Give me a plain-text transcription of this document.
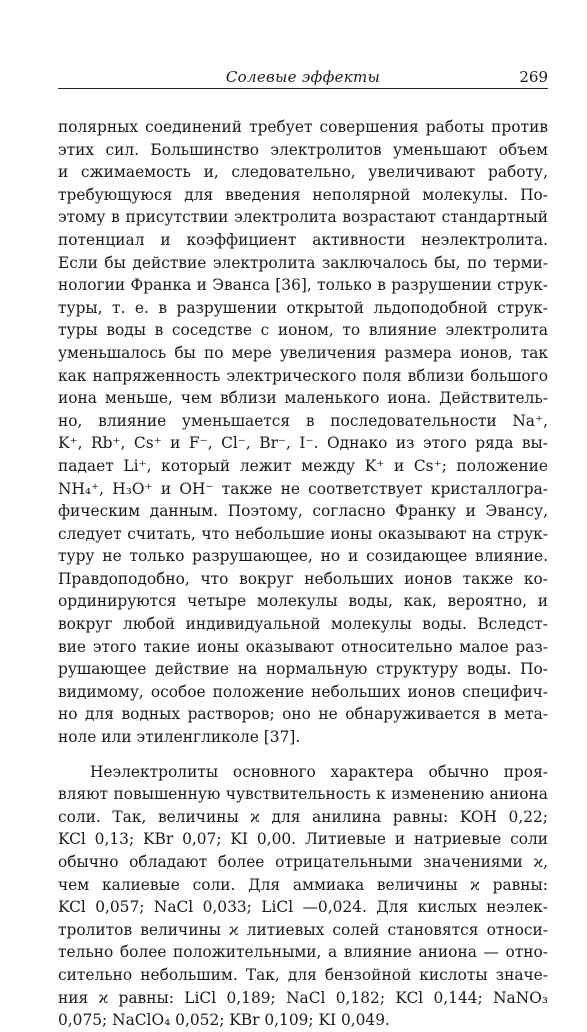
Солевые эффекты	269
полярных соединений требует совершения работы против
этих сил. Большинство электролитов уменьшают объем
и сжимаемость и, следовательно, увеличивают работу,
требующуюся для введения неполярной молекулы. По-
этому в присутствии электролита возрастают стандартный
потенциал и коэффициент активности неэлектролита.
Если бы действие электролита заключалось бы, по терми-
нологии Франка и Эванса [36], только в разрушении струк-
туры, т. е. в разрушении открытой льдоподобной струк-
туры воды в соседстве с ионом, то влияние электролита
уменьшалось бы по мере увеличения размера ионов, так
как напряженность электрического поля вблизи большого
иона меньше, чем вблизи маленького иона. Действитель-
но, влияние уменьшается в последовательности Na⁺,
K⁺, Rb⁺, Cs⁺ и F⁻, Cl⁻, Br⁻, I⁻. Однако из этого ряда вы-
падает Li⁺, который лежит между K⁺ и Cs⁺; положение
NH₄⁺, H₃O⁺ и OH⁻ также не соответствует кристаллогра-
фическим данным. Поэтому, согласно Франку и Эвансу,
следует считать, что небольшие ионы оказывают на струк-
туру не только разрушающее, но и созидающее влияние.
Правдоподобно, что вокруг небольших ионов также ко-
ординируются четыре молекулы воды, как, вероятно, и
вокруг любой индивидуальной молекулы воды. Вследст-
вие этого такие ионы оказывают относительно малое раз-
рушающее действие на нормальную структуру воды. По-
видимому, особое положение небольших ионов специфич-
но для водных растворов; оно не обнаруживается в мета-
ноле или этиленгликоле [37].
Неэлектролиты основного характера обычно проя-
вляют повышенную чувствительность к изменению аниона
соли. Так, величины ϰ для анилина равны: KOH 0,22;
KCl 0,13; KBr 0,07; KI 0,00. Литиевые и натриевые соли
обычно обладают более отрицательными значениями ϰ,
чем калиевые соли. Для аммиака величины ϰ равны:
KCl 0,057; NaCl 0,033; LiCl —0,024. Для кислых неэлек-
тролитов величины ϰ литиевых солей становятся относи-
тельно более положительными, а влияние аниона — отно-
сительно небольшим. Так, для бензойной кислоты значе-
ния ϰ равны: LiCl 0,189; NaCl 0,182; KCl 0,144; NaNO₃
0,075; NaClO₄ 0,052; KBr 0,109; KI 0,049.
